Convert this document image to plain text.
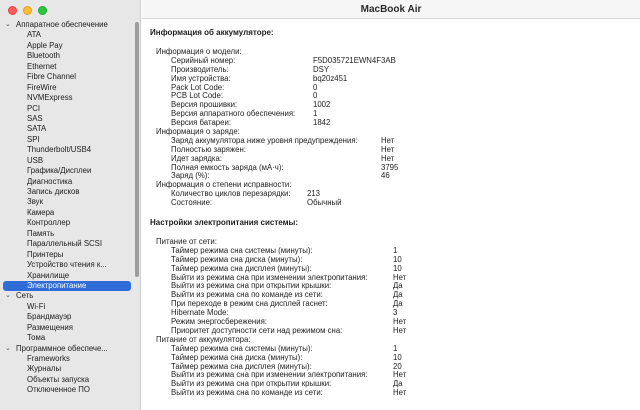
⌄ Аппаратное обеспечение
ATA
Apple Pay
Bluetooth
Ethernet
Fibre Channel
FireWire
NVMExpress
PCI
SAS
SATA
SPI
Thunderbolt/USB4
USB
Графика/Дисплеи
Диагностика
Запись дисков
Звук
Камера
Контроллер
Память
Параллельный SCSI
Принтеры
Устройство чтения к...
Хранилище
Электропитание
⌄ Сеть
Wi-Fi
Брандмауэр
Размещения
Тома
⌄ Программное обеспече...
Frameworks
Журналы
Объекты запуска
Отключенное ПО
MacBook Air
Информация об аккумуляторе:
Информация о модели:
Серийный номер:	F5D035721EWN4F3AB
Производитель:	DSY
Имя устройства:	bq20z451
Pack Lot Code:	0
PCB Lot Code:	0
Версия прошивки:	1002
Версия аппаратного обеспечения: 1
Версия батареи:	1842
Информация о заряде:
Заряд аккумулятора ниже уровня предупреждения:	Нет
Полностью заряжен:	Нет
Идет зарядка:	Нет
Полная емкость заряда (мА·ч):	3795
Заряд (%):	46
Информация о степени исправности:
Количество циклов перезарядки: 213
Состояние:	Обычный
Настройки электропитания системы:
Питание от сети:
Таймер режима сна системы (минуты):	1
Таймер режима сна диска (минуты):	10
Таймер режима сна дисплея (минуты):	10
Выйти из режима сна при изменении электропитания:	Нет
Выйти из режима сна при открытии крышки:	Да
Выйти из режима сна по команде из сети:	Да
При переходе в режим сна дисплей гаснет:	Да
Hibernate Mode:	3
Режим энергосбережения:	Нет
Приоритет доступности сети над режимом сна:	Нет
Питание от аккумулятора:
Таймер режима сна системы (минуты):	1
Таймер режима сна диска (минуты):	10
Таймер режима сна дисплея (минуты):	20
Выйти из режима сна при изменении электропитания:	Нет
Выйти из режима сна при открытии крышки:	Да
Выйти из режима сна по команде из сети:	Нет
